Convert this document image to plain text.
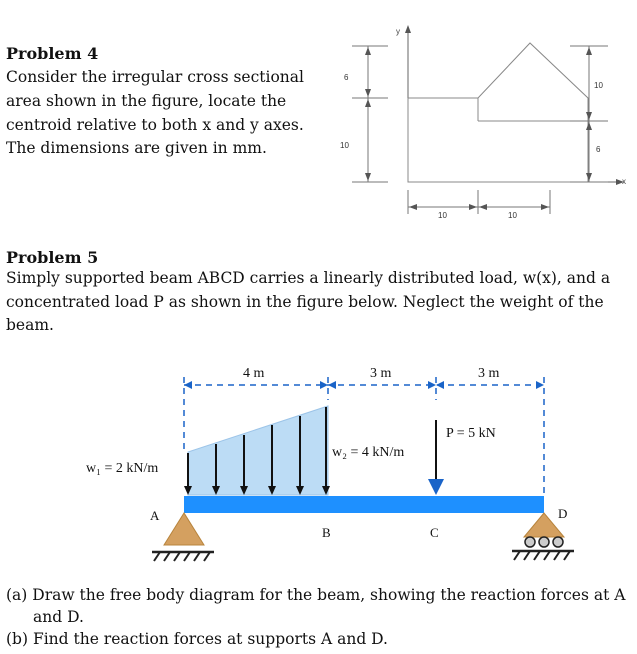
Problem 4
Consider the irregular cross sectional
area shown in the figure, locate the
centroid relative to both x and y axes.
The dimensions are given in mm.
y
x
6
10
10
6
10	10
Problem 5
Simply supported beam ABCD carries a linearly distributed load, w(x), and a
concentrated load P as shown in the figure below. Neglect the weight of the
beam.
4 m	3 m	3 m
w₁ = 2 kN/m
w₂ = 4 kN/m
P = 5 kN
A
B	C
D
(a) Draw the free body diagram for the beam, showing the reaction forces at A
and D.
(b) Find the reaction forces at supports A and D.
